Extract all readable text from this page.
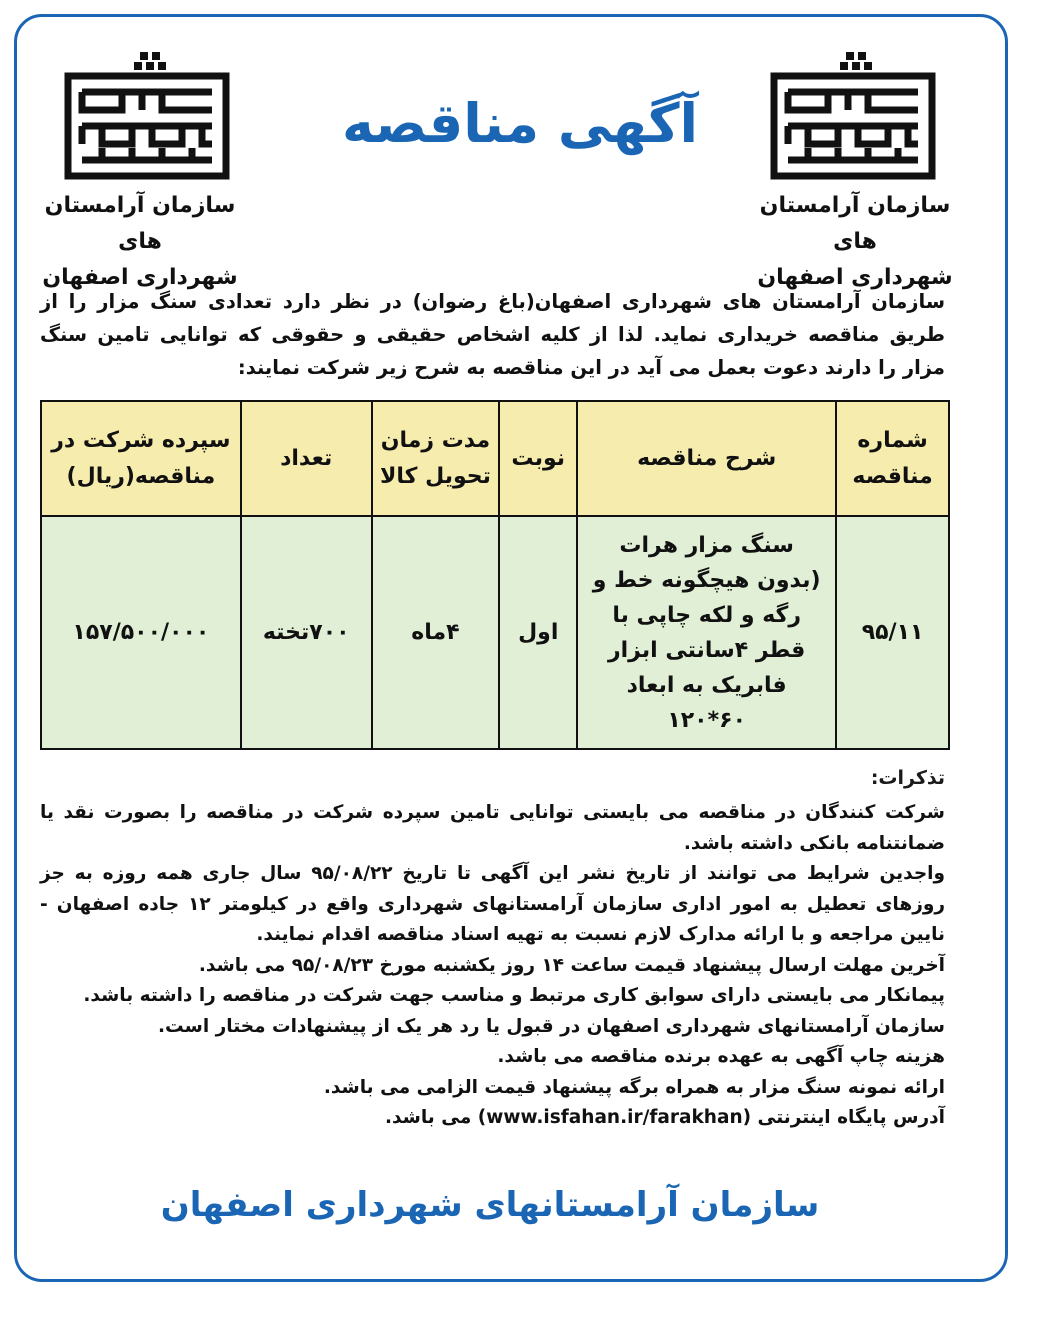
سازمان آرامستان های
شهرداری اصفهان
سازمان آرامستان های
شهرداری اصفهان
آگهی مناقصه

سازمان آرامستان های شهرداری اصفهان(باغ رضوان) در نظر دارد تعدادی سنگ مزار را از طریق مناقصه خریداری نماید. لذا از کلیه اشخاص حقیقی و حقوقی که توانایی تامین سنگ مزار را دارند دعوت بعمل می آید در این مناقصه به شرح زیر شرکت نمایند:

شماره مناقصه	شرح مناقصه	نوبت	مدت زمان تحویل کالا	تعداد	سپرده شرکت در مناقصه(ریال)
۹۵/۱۱	سنگ مزار هرات (بدون هیچگونه خط و رگه و لکه چاپی با قطر ۴سانتی ابزار فابریک به ابعاد ۶۰*۱۲۰	اول	۴ماه	۷۰۰تخته	۱۵۷/۵۰۰/۰۰۰
تذکرات:

شرکت کنندگان در مناقصه می بایستی توانایی تامین سپرده شرکت در مناقصه را بصورت نقد یا ضمانتنامه بانکی داشته باشد.

واجدین شرایط می توانند از تاریخ نشر این آگهی تا تاریخ ۹۵/۰۸/۲۲ سال جاری همه روزه به جز روزهای تعطیل به امور اداری سازمان آرامستانهای شهرداری واقع در کیلومتر ۱۲ جاده اصفهان - نایین مراجعه و با ارائه مدارک لازم نسبت به تهیه اسناد مناقصه اقدام نمایند.

آخرین مهلت ارسال پیشنهاد قیمت ساعت ۱۴ روز یکشنبه مورخ ۹۵/۰۸/۲۳ می باشد.

پیمانکار می بایستی دارای سوابق کاری مرتبط و مناسب جهت شرکت در مناقصه را داشته باشد.

سازمان آرامستانهای شهرداری اصفهان در قبول یا رد هر یک از پیشنهادات مختار است.

هزینه چاپ آگهی به عهده برنده مناقصه می باشد.

ارائه نمونه سنگ مزار به همراه برگه پیشنهاد قیمت الزامی می باشد.

آدرس پایگاه اینترنتی (www.isfahan.ir/farakhan) می باشد.

سازمان آرامستانهای شهرداری اصفهان
